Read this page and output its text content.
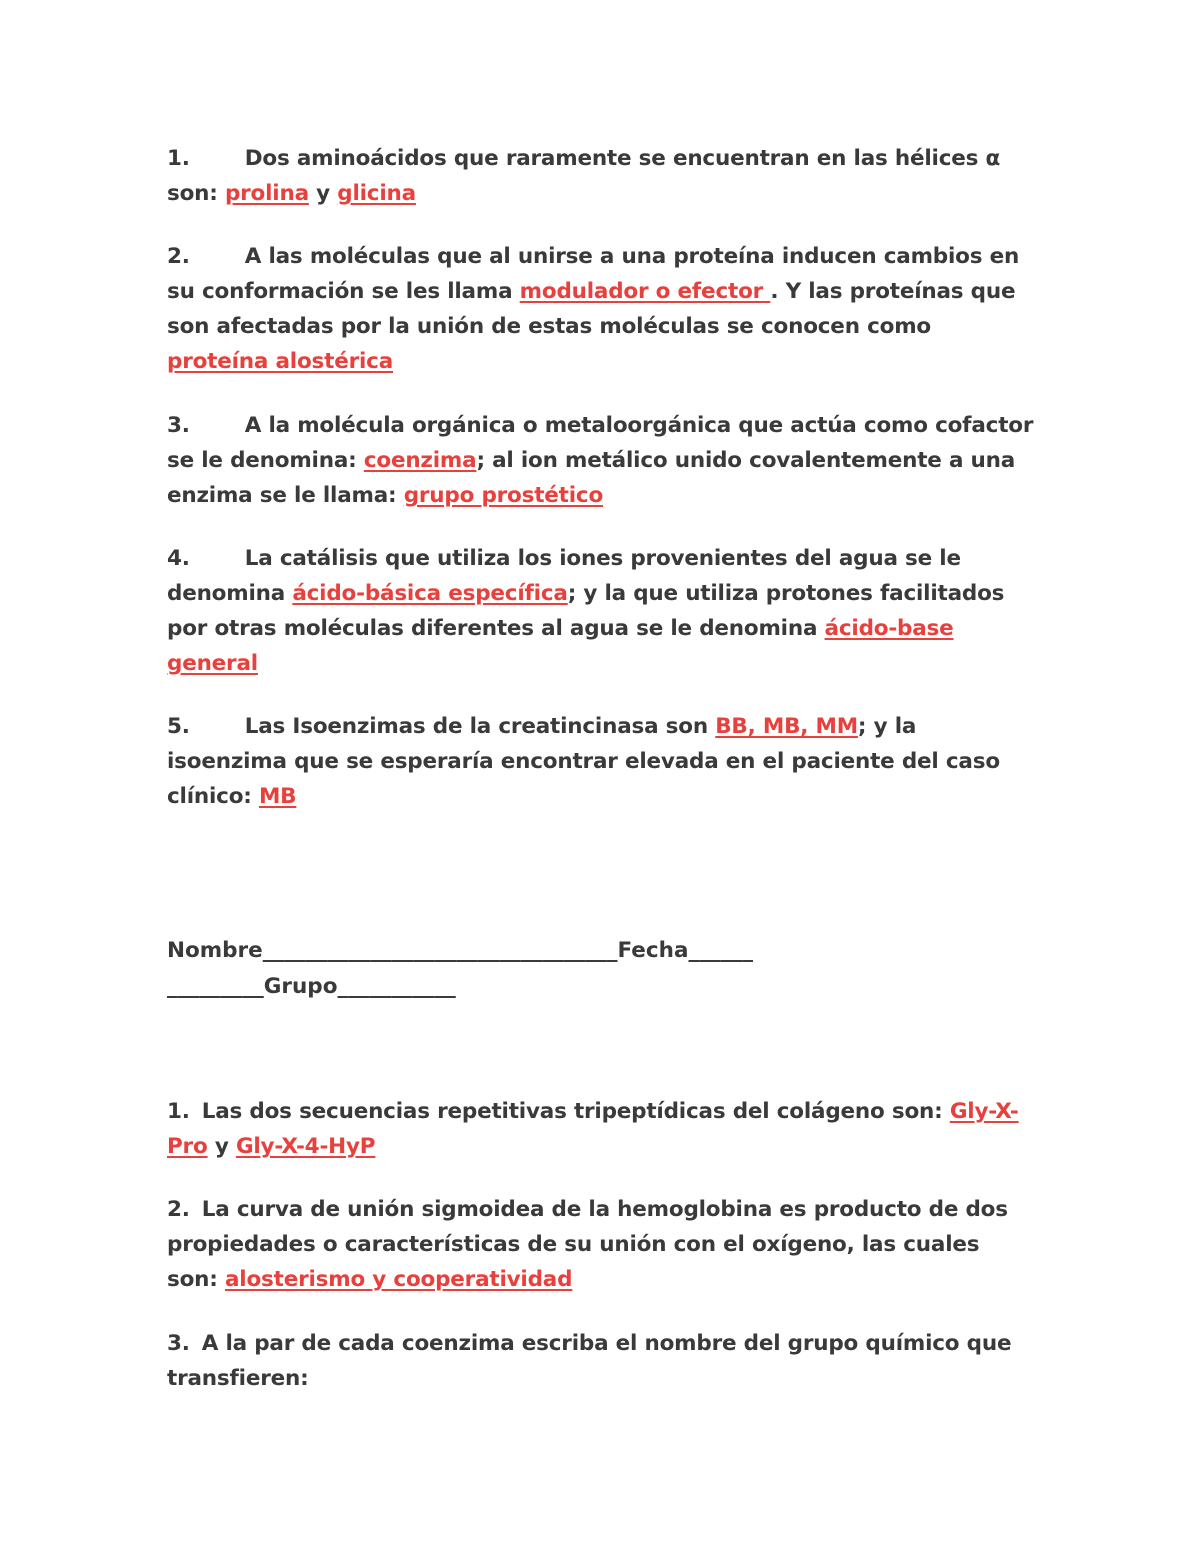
1.	Dos aminoácidos que raramente se encuentran en las hélices α son: prolina y glicina
2.	A las moléculas que al unirse a una proteína inducen cambios en su conformación se les llama modulador o efector . Y las proteínas que son afectadas por la unión de estas moléculas se conocen como proteína alostérica
3.	A la molécula orgánica o metaloorgánica que actúa como cofactor se le denomina: coenzima; al ion metálico unido covalentemente a una enzima se le llama: grupo prostético
4.	La catálisis que utiliza los iones provenientes del agua se le denomina ácido-básica específica; y la que utiliza protones facilitados por otras moléculas diferentes al agua se le denomina ácido-base general
5.	Las Isoenzimas de la creatincinasa son BB, MB, MM; y la isoenzima que se esperaría encontrar elevada en el paciente del caso clínico: MB
Nombre_________________________________Fecha______
_________Grupo___________
1. Las dos secuencias repetitivas tripeptídicas del colágeno son: Gly-X-Pro y Gly-X-4-HyP
2. La curva de unión sigmoidea de la hemoglobina es producto de dos propiedades o características de su unión con el oxígeno, las cuales son: alosterismo y cooperatividad
3. A la par de cada coenzima escriba el nombre del grupo químico que transfieren:
